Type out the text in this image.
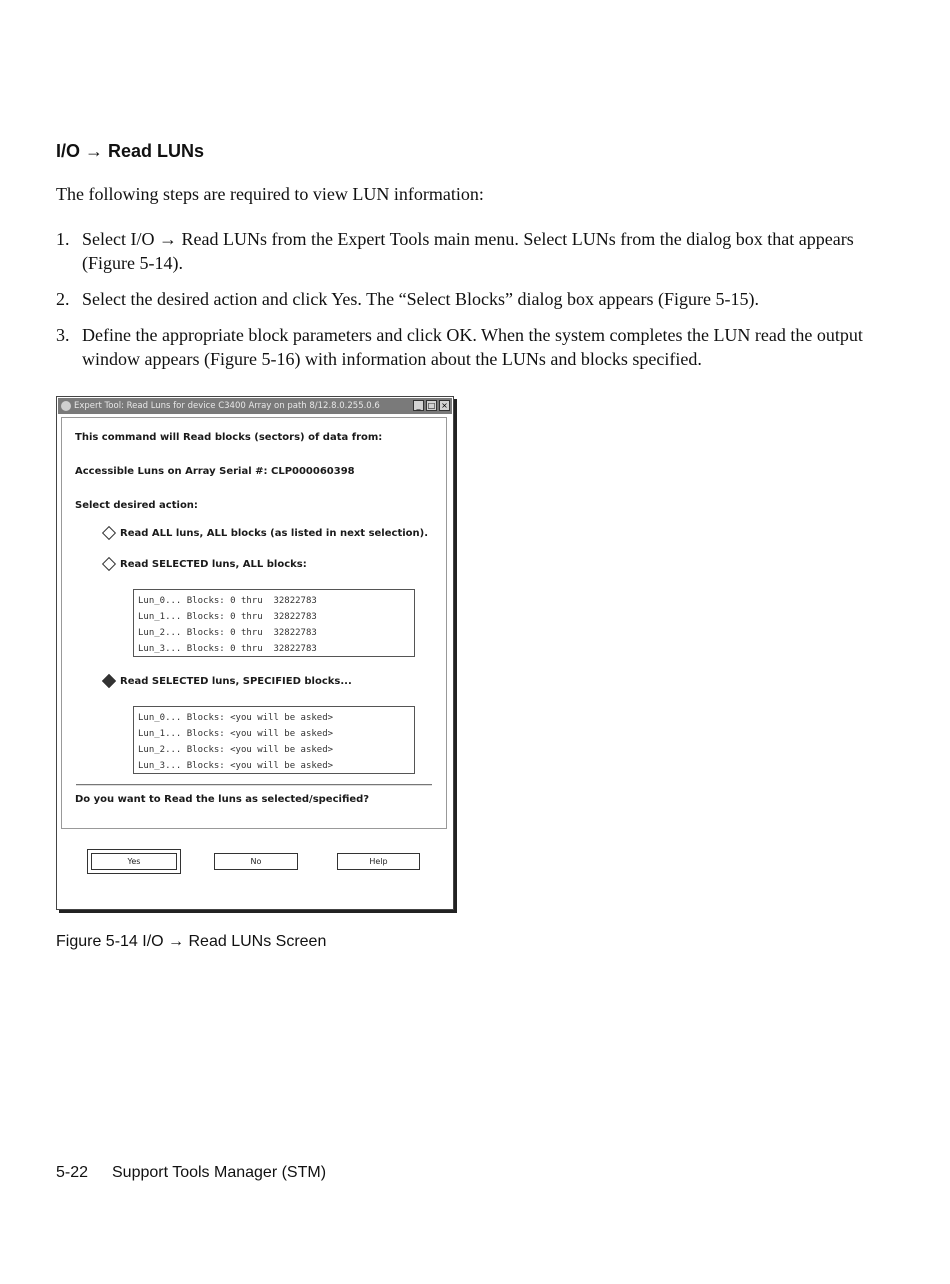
I/O → Read LUNs
The following steps are required to view LUN information:
1. Select I/O → Read LUNs from the Expert Tools main menu. Select LUNs from the dialog box that appears (Figure 5-14).
2. Select the desired action and click Yes. The “Select Blocks” dialog box appears (Figure 5-15).
3. Define the appropriate block parameters and click OK. When the system completes the LUN read the output window appears (Figure 5-16) with information about the LUNs and blocks specified.
Expert Tool: Read Luns for device C3400 Array on path 8/12.8.0.255.0.6	_ □ ×
This command will Read blocks (sectors) of data from:
Accessible Luns on Array Serial #: CLP000060398
Select desired action:
Read ALL luns, ALL blocks (as listed in next selection).
Read SELECTED luns, ALL blocks:
Lun_0... Blocks: 0 thru  32822783
Lun_1... Blocks: 0 thru  32822783
Lun_2... Blocks: 0 thru  32822783
Lun_3... Blocks: 0 thru  32822783
Read SELECTED luns, SPECIFIED blocks...
Lun_0... Blocks: <you will be asked>
Lun_1... Blocks: <you will be asked>
Lun_2... Blocks: <you will be asked>
Lun_3... Blocks: <you will be asked>
Do you want to Read the luns as selected/specified?
Yes	No	Help
Figure 5-14 I/O → Read LUNs Screen
5-22 Support Tools Manager (STM)
